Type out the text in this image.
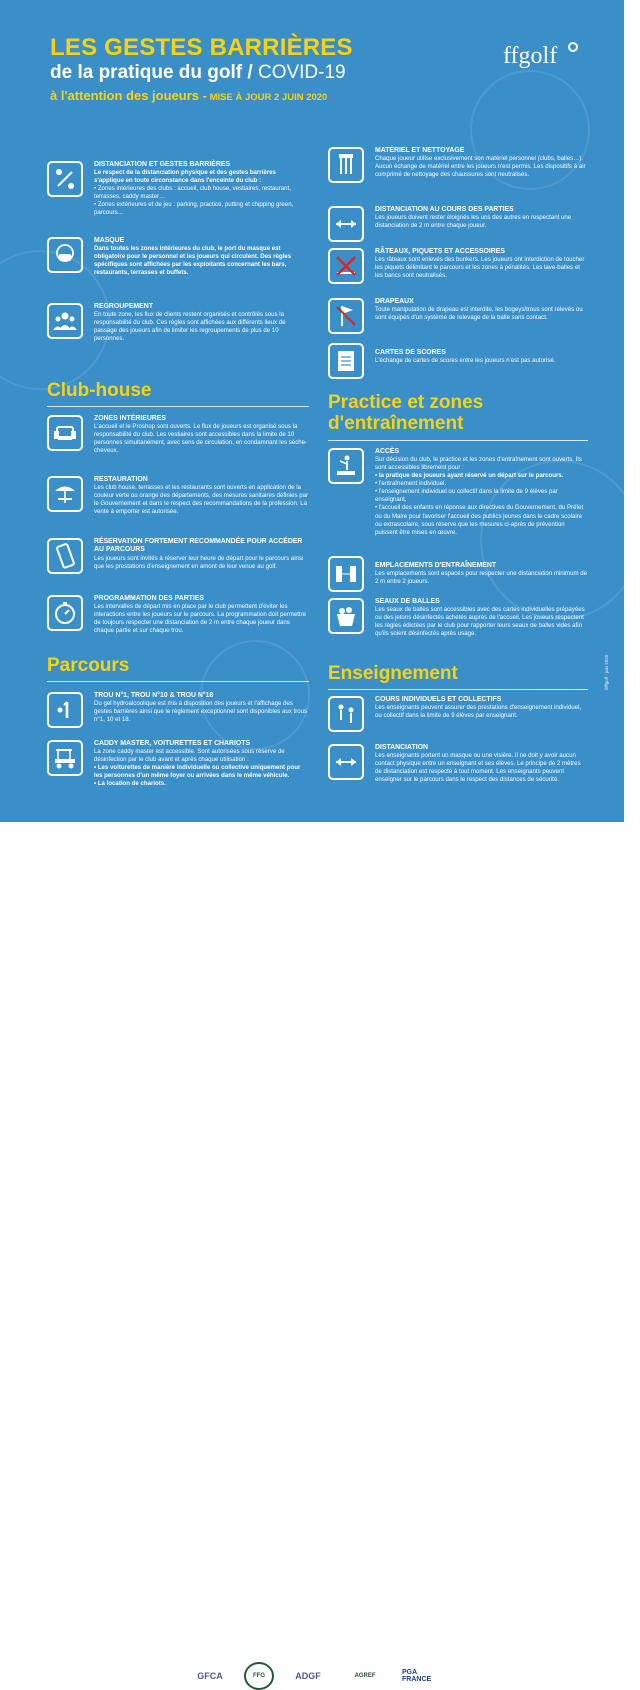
LES GESTES BARRIÈRES
de la pratique du golf / COVID-19
à l'attention des joueurs - MISE À JOUR 2 JUIN 2020
ffgolf
©ffgolf - juin 2020
DISTANCIATION ET GESTES BARRIÈRES
Le respect de la distanciation physique et des gestes barrières s'applique en toute circonstance dans l'enceinte du club :
• Zones intérieures des clubs : accueil, club house, vestiaires, restaurant, terrasses, caddy master…
• Zones extérieures et de jeu : parking, practice, putting et chipping green, parcours…
MASQUE
Dans toutes les zones intérieures du club, le port du masque est obligatoire pour le personnel et les joueurs qui circulent. Des règles spécifiques sont affichées par les exploitants concernant les bars, restaurants, terrasses et buffets.
REGROUPEMENT
En toute zone, les flux de clients restent organisés et contrôlés sous la responsabilité du club. Ces règles sont affichées aux différents lieux de passage des joueurs afin de limiter les regroupements de plus de 10 personnes.
MATÉRIEL ET NETTOYAGE
Chaque joueur utilise exclusivement son matériel personnel (clubs, balles…). Aucun échange de matériel entre les joueurs n'est permis. Les dispositifs à air comprimé de nettoyage des chaussures sont neutralisés.
DISTANCIATION AU COURS DES PARTIES
Les joueurs doivent rester éloignés les uns des autres en respectant une distanciation de 2 m entre chaque joueur.
RÂTEAUX, PIQUETS ET ACCESSOIRES
Les râteaux sont enlevés des bunkers. Les joueurs ont interdiction de toucher les piquets délimitant le parcours et les zones à pénalités. Les lave-balles et les bancs sont neutralisés.
DRAPEAUX
Toute manipulation de drapeau est interdite, les bogeys/trous sont relevés ou sont équipés d'un système de relevage de la balle sans contact.
CARTES DE SCORES
L'échange de cartes de scores entre les joueurs n'est pas autorisé.
Club-house
ZONES INTÉRIEURES
L'accueil et le Proshop sont ouverts. Le flux de joueurs est organisé sous la responsabilité du club. Les vestiaires sont accessibles dans la limite de 10 personnes simultanément, avec sens de circulation, en condamnant les sèche-cheveux.
RESTAURATION
Les club house, terrasses et les restaurants sont ouverts en application de la couleur verte ou orange des départements, des mesures sanitaires définies par le Gouvernement et dans le respect des recommandations de la profession. La vente à emporter est autorisée.
RÉSERVATION FORTEMENT RECOMMANDÉE POUR ACCÉDER AU PARCOURS
Les joueurs sont invités à réserver leur heure de départ pour le parcours ainsi que les prestations d'enseignement en amont de leur venue au golf.
PROGRAMMATION DES PARTIES
Les intervalles de départ mis en place par le club permettent d'éviter les interactions entre les joueurs sur le parcours. La programmation doit permettre de toujours respecter une distanciation de 2 m entre chaque joueur dans chaque partie et sur chaque trou.
Parcours
TROU N°1, TROU N°10 & TROU N°18
Du gel hydroalcoolique est mis à disposition des joueurs et l'affichage des gestes barrières ainsi que le règlement exceptionnel sont disponibles aux trous n°1, 10 et 18.
CADDY MASTER, VOITURETTES ET CHARIOTS
La zone caddy master est accessible. Sont autorisées sous réserve de désinfection par le club avant et après chaque utilisation :
• Les voiturettes de manière individuelle ou collective uniquement pour les personnes d'un même foyer ou arrivées dans le même véhicule.
• La location de chariots.
Practice et zones d'entraînement
ACCÈS
Sur décision du club, le practice et les zones d'entraînement sont ouverts. Ils sont accessibles librement pour :
• la pratique des joueurs ayant réservé un départ sur le parcours.
• l'entraînement individuel.
• l'enseignement individuel ou collectif dans la limite de 9 élèves par enseignant,
• l'accueil des enfants en réponse aux directives du Gouvernement, du Préfet ou du Maire pour favoriser l'accueil des publics jeunes dans le cadre scolaire ou extrascolaire, sous réserve que les mesures ci-après de prévention puissent être mises en œuvre.
EMPLACEMENTS D'ENTRAÎNEMENT
Les emplacements sont espacés pour respecter une distanciation minimum de 2 m entre 2 joueurs.
SEAUX DE BALLES
Les seaux de balles sont accessibles avec des cartes individuelles prépayées ou des jetons désinfectés achetés auprès de l'accueil. Les joueurs respectent les règles édictées par le club pour rapporter leurs seaux de balles vides afin qu'ils soient désinfectés après usage.
Enseignement
COURS INDIVIDUELS ET COLLECTIFS
Les enseignants peuvent assurer des prestations d'enseignement individuel, ou collectif dans la limite de 9 élèves par enseignant.
DISTANCIATION
Les enseignants portent un masque ou une visière. Il ne doit y avoir aucun contact physique entre un enseignant et ses élèves. Le principe de 2 mètres de distanciation est respecté à tout moment. Les enseignants peuvent enseigner sur le parcours dans le respect des distances de sécurité.
GFCA	FFG	ADGF	AGREF	PGA FRANCE
